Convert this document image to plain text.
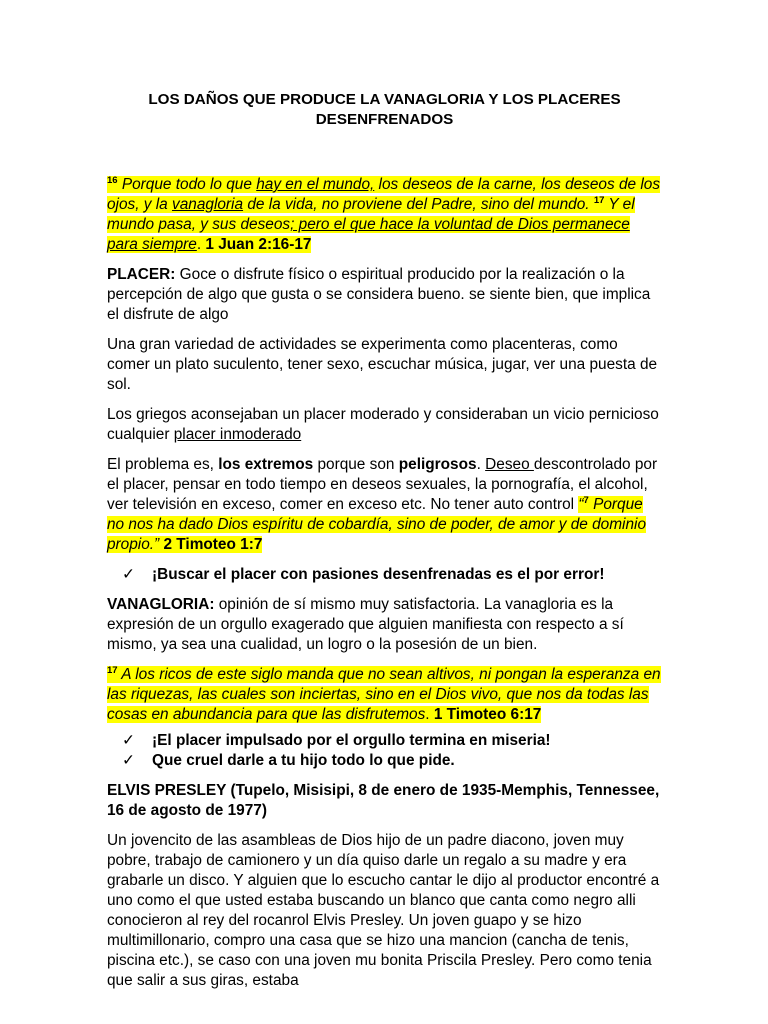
LOS DAÑOS QUE PRODUCE LA VANAGLORIA Y LOS PLACERES
DESENFRENADOS

$^{16}$ Porque todo lo que hay en el mundo, los deseos de la carne, los deseos de los ojos, y la vanagloria de la vida, no proviene del Padre, sino del mundo. $^{17}$ Y el mundo pasa, y sus deseos; pero el que hace la voluntad de Dios permanece para siempre. 1 Juan 2:16-17

PLACER: Goce o disfrute físico o espiritual producido por la realización o la percepción de algo que gusta o se considera bueno. se siente bien, que implica el disfrute de algo

Una gran variedad de actividades se experimenta como placenteras, como comer un plato suculento, tener sexo, escuchar música, jugar, ver una puesta de sol.

Los griegos aconsejaban un placer moderado y consideraban un vicio pernicioso cualquier placer inmoderado

El problema es, los extremos porque son peligrosos. Deseo descontrolado por el placer, pensar en todo tiempo en deseos sexuales, la pornografía, el alcohol, ver televisión en exceso, comer en exceso etc. No tener auto control “$^7$ Porque no nos ha dado Dios espíritu de cobardía, sino de poder, de amor y de dominio propio.” 2 Timoteo 1:7

✓ ¡Buscar el placer con pasiones desenfrenadas es el por error!

VANAGLORIA: opinión de sí mismo muy satisfactoria. La vanagloria es la expresión de un orgullo exagerado que alguien manifiesta con respecto a sí mismo, ya sea una cualidad, un logro o la posesión de un bien.

$^{17}$ A los ricos de este siglo manda que no sean altivos, ni pongan la esperanza en las riquezas, las cuales son inciertas, sino en el Dios vivo, que nos da todas las cosas en abundancia para que las disfrutemos. 1 Timoteo 6:17

✓ ¡El placer impulsado por el orgullo termina en miseria!
✓ Que cruel darle a tu hijo todo lo que pide.

ELVIS PRESLEY (Tupelo, Misisipi, 8 de enero de 1935-Memphis, Tennessee, 16 de agosto de 1977)

Un jovencito de las asambleas de Dios hijo de un padre diacono, joven muy pobre, trabajo de camionero y un día quiso darle un regalo a su madre y era grabarle un disco. Y alguien que lo escucho cantar le dijo al productor encontré a uno como el que usted estaba buscando un blanco que canta como negro alli conocieron al rey del rocanrol Elvis Presley. Un joven guapo y se hizo multimillonario, compro una casa que se hizo una mancion (cancha de tenis, piscina etc.), se caso con una joven mu bonita Priscila Presley. Pero como tenia que salir a sus giras, estaba
